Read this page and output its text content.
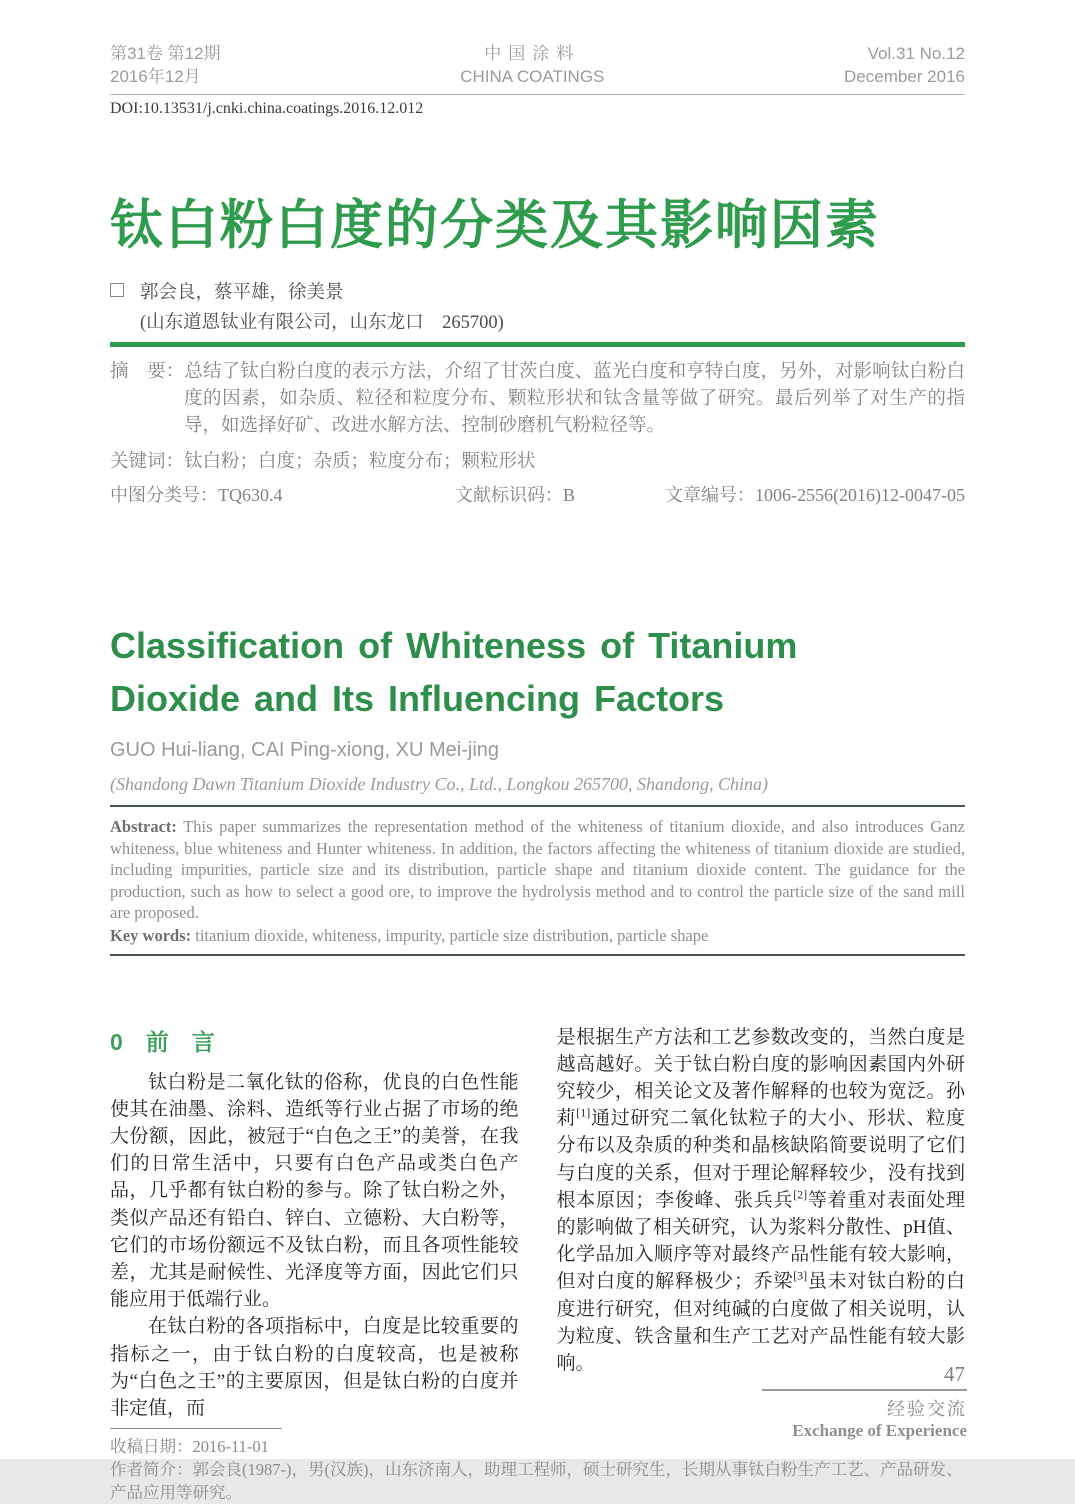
第31卷 第12期
2016年12月
中国涂料
CHINA COATINGS
Vol.31 No.12
December 2016
DOI:10.13531/j.cnki.china.coatings.2016.12.012
钛白粉白度的分类及其影响因素
郭会良，蔡平雄，徐美景
(山东道恩钛业有限公司，山东龙口　265700)
摘　要：总结了钛白粉白度的表示方法，介绍了甘茨白度、蓝光白度和亨特白度，另外，对影响钛白粉白度的因素，如杂质、粒径和粒度分布、颗粒形状和钛含量等做了研究。最后列举了对生产的指导，如选择好矿、改进水解方法、控制砂磨机气粉粒径等。
关键词：钛白粉；白度；杂质；粒度分布；颗粒形状
中图分类号：TQ630.4	文献标识码：B	文章编号：1006-2556(2016)12-0047-05
Classification of Whiteness of Titanium Dioxide and Its Influencing Factors
GUO Hui-liang, CAI Ping-xiong, XU Mei-jing
(Shandong Dawn Titanium Dioxide Industry Co., Ltd., Longkou 265700, Shandong, China)
Abstract: This paper summarizes the representation method of the whiteness of titanium dioxide, and also introduces Ganz whiteness, blue whiteness and Hunter whiteness. In addition, the factors affecting the whiteness of titanium dioxide are studied, including impurities, particle size and its distribution, particle shape and titanium dioxide content. The guidance for the production, such as how to select a good ore, to improve the hydrolysis method and to control the particle size of the sand mill are proposed.
Key words: titanium dioxide, whiteness, impurity, particle size distribution, particle shape
0　前　言

钛白粉是二氧化钛的俗称，优良的白色性能使其在油墨、涂料、造纸等行业占据了市场的绝大份额，因此，被冠于“白色之王”的美誉，在我们的日常生活中，只要有白色产品或类白色产品，几乎都有钛白粉的参与。除了钛白粉之外，类似产品还有铅白、锌白、立德粉、大白粉等，它们的市场份额远不及钛白粉，而且各项性能较差，尤其是耐候性、光泽度等方面，因此它们只能应用于低端行业。

在钛白粉的各项指标中，白度是比较重要的指标之一，由于钛白粉的白度较高，也是被称为“白色之王”的主要原因，但是钛白粉的白度并非定值，而

是根据生产方法和工艺参数改变的，当然白度是越高越好。关于钛白粉白度的影响因素国内外研究较少，相关论文及著作解释的也较为宽泛。孙莉[1]通过研究二氧化钛粒子的大小、形状、粒度分布以及杂质的种类和晶核缺陷简要说明了它们与白度的关系，但对于理论解释较少，没有找到根本原因；李俊峰、张兵兵[2]等着重对表面处理的影响做了相关研究，认为浆料分散性、pH值、化学品加入顺序等对最终产品性能有较大影响，但对白度的解释极少；乔梁[3]虽未对钛白粉的白度进行研究，但对纯碱的白度做了相关说明，认为粒度、铁含量和生产工艺对产品性能有较大影响。

收稿日期：2016-11-01
作者简介：郭会良(1987-)，男(汉族)，山东济南人，助理工程师，硕士研究生，长期从事钛白粉生产工艺、产品研发、产品应用等研究。
47
经验交流
Exchange of Experience
